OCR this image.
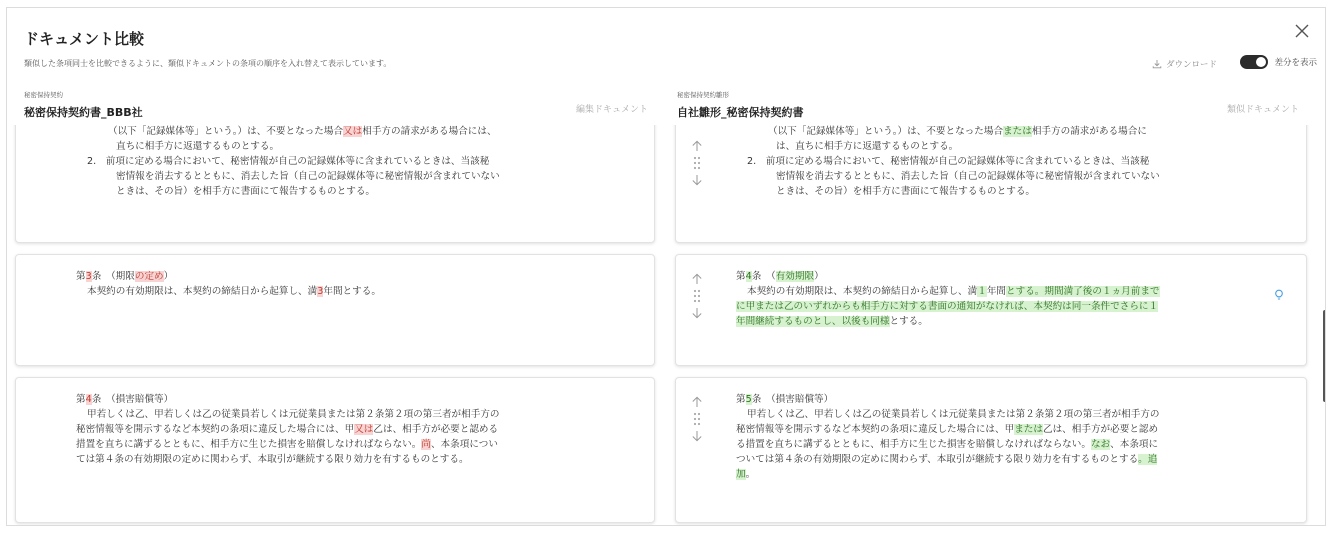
ドキュメント比較
類似した条項同士を比較できるように、類似ドキュメントの条項の順序を入れ替えて表示しています。	ダウンロード	差分を表示
秘密保持契約
秘密保持契約書_BBB社	編集ドキュメント
秘密保持契約雛形
自社雛形_秘密保持契約書	類似ドキュメント
（以下「記録媒体等」という。）は、不要となった場合又は相手方の請求がある場合には、
直ちに相手方に返還するものとする。
2.　前項に定める場合において、秘密情報が自己の記録媒体等に含まれているときは、当該秘
密情報を消去するとともに、消去した旨（自己の記録媒体等に秘密情報が含まれていない
ときは、その旨）を相手方に書面にて報告するものとする。
第3条　（期限の定め）
本契約の有効期限は、本契約の締結日から起算し、満3年間とする。
第4条　（損害賠償等）
甲若しくは乙、甲若しくは乙の従業員若しくは元従業員または第２条第２項の第三者が相手方の
秘密情報等を開示するなど本契約の条項に違反した場合には、甲又は乙は、相手方が必要と認める
措置を直ちに講ずるとともに、相手方に生じた損害を賠償しなければならない。尚、本条項につい
ては第４条の有効期限の定めに関わらず、本取引が継続する限り効力を有するものとする。
（以下「記録媒体等」という。）は、不要となった場合または相手方の請求がある場合に
は、直ちに相手方に返還するものとする。
2.　前項に定める場合において、秘密情報が自己の記録媒体等に含まれているときは、当該秘
密情報を消去するとともに、消去した旨（自己の記録媒体等に秘密情報が含まれていない
ときは、その旨）を相手方に書面にて報告するものとする。
第4条　（有効期限）
本契約の有効期限は、本契約の締結日から起算し、満１年間とする。期間満了後の１ヵ月前まで
に甲または乙のいずれからも相手方に対する書面の通知がなければ、本契約は同一条件でさらに１
年間継続するものとし、以後も同様とする。
第5条　（損害賠償等）
甲若しくは乙、甲若しくは乙の従業員若しくは元従業員または第２条第２項の第三者が相手方の
秘密情報等を開示するなど本契約の条項に違反した場合には、甲または乙は、相手方が必要と認め
る措置を直ちに講ずるとともに、相手方に生じた損害を賠償しなければならない。なお、本条項に
ついては第４条の有効期限の定めに関わらず、本取引が継続する限り効力を有するものとする。追
加。
